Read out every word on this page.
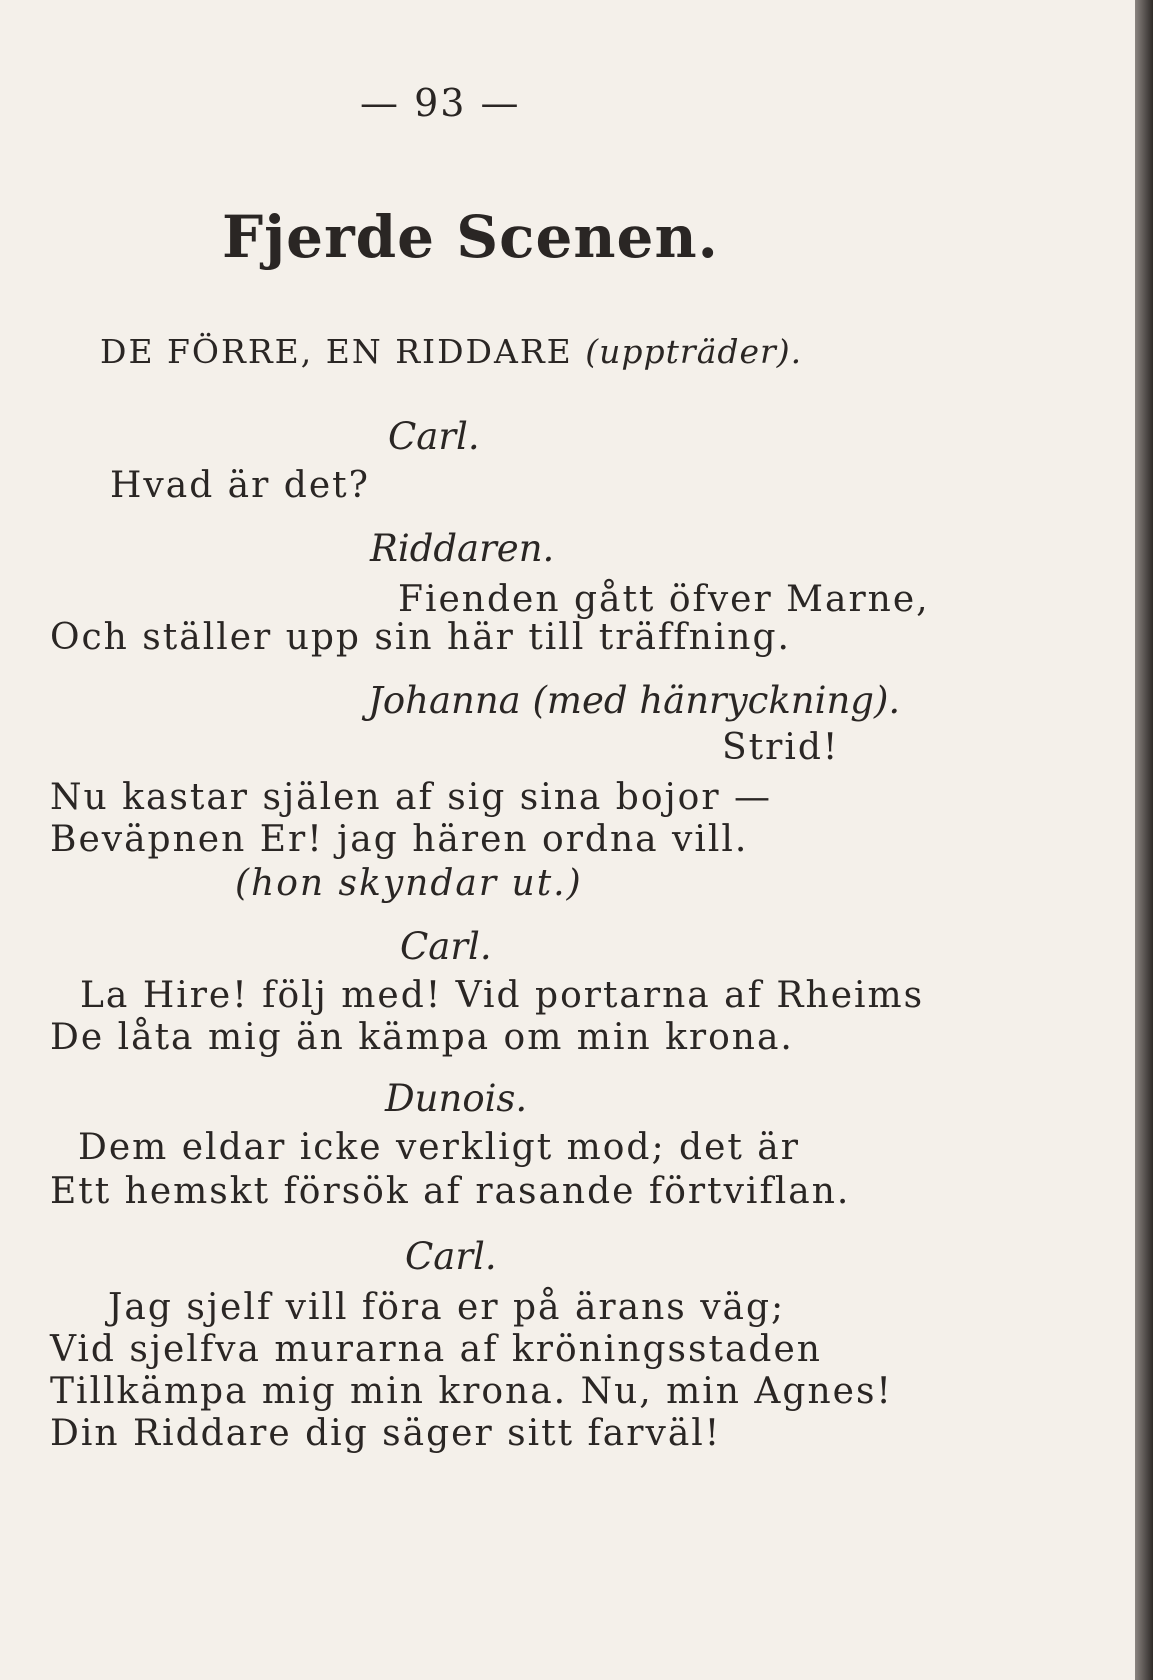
— 93 —
Fjerde Scenen.
DE FÖRRE, EN RIDDARE (uppträder).
Carl.
Hvad är det?
Riddaren.
Fienden gått öfver Marne,
Och ställer upp sin här till träffning.
Johanna (med hänryckning).
Strid!
Nu kastar själen af sig sina bojor —
Beväpnen Er! jag hären ordna vill.
(hon skyndar ut.)
Carl.
La Hire! följ med! Vid portarna af Rheims
De låta mig än kämpa om min krona.
Dunois.
Dem eldar icke verkligt mod; det är
Ett hemskt försök af rasande förtviflan.
Carl.
Jag sjelf vill föra er på ärans väg;
Vid sjelfva murarna af kröningsstaden
Tillkämpa mig min krona. Nu, min Agnes!
Din Riddare dig säger sitt farväl!
